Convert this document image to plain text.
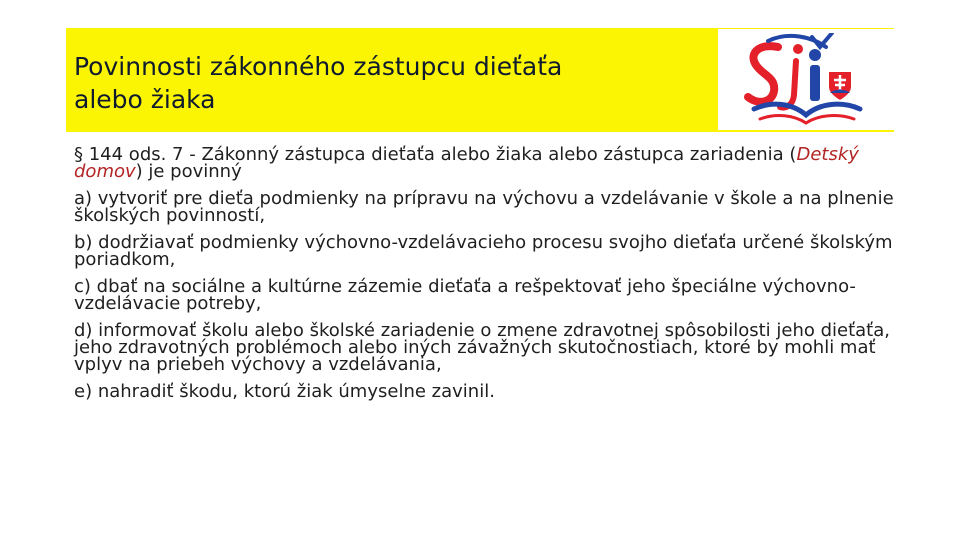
Povinnosti zákonného zástupcu dieťaťa
alebo žiaka

§ 144 ods. 7 - Zákonný zástupca dieťaťa alebo žiaka alebo zástupca zariadenia (Detský domov) je povinný

a) vytvoriť pre dieťa podmienky na prípravu na výchovu a vzdelávanie v škole a na plnenie školských povinností,

b) dodržiavať podmienky výchovno-vzdelávacieho procesu svojho dieťaťa určené školským poriadkom,

c) dbať na sociálne a kultúrne zázemie dieťaťa a rešpektovať jeho špeciálne výchovno-vzdelávacie potreby,

d) informovať školu alebo školské zariadenie o zmene zdravotnej spôsobilosti jeho dieťaťa, jeho zdravotných problémoch alebo iných závažných skutočnostiach, ktoré by mohli mať vplyv na priebeh výchovy a vzdelávania,

e) nahradiť škodu, ktorú žiak úmyselne zavinil.
